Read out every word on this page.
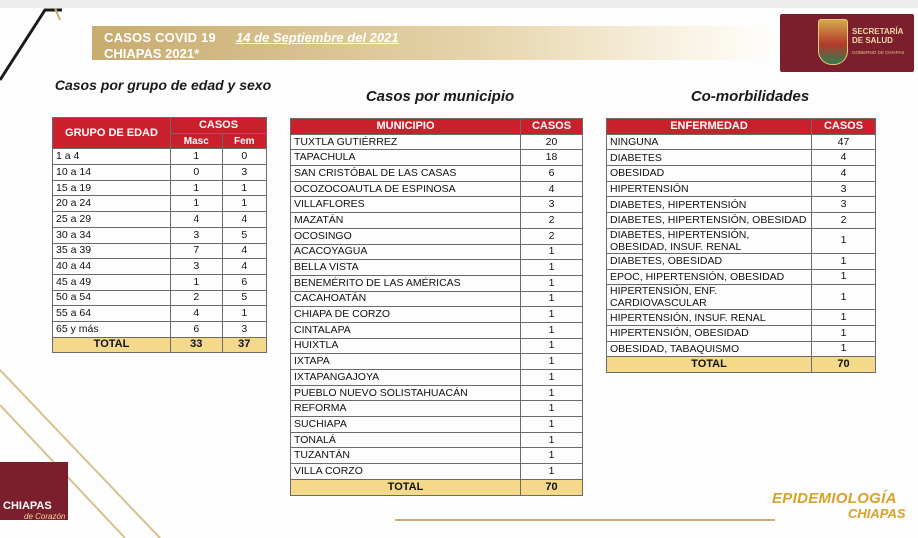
CASOS COVID 19 14 de Septiembre del 2021
CHIAPAS 2021*
SECRETARÍA
DE SALUD
GOBIERNO DE CHIAPAS
Casos por grupo de edad y sexo
Casos por municipio	Co-morbilidades
GRUPO DE EDAD	CASOS	
	Masc	Fem
1 a 4	1	0
10 a 14	0	3
15 a 19	1	1
20 a 24	1	1
25 a 29	4	4
30 a 34	3	5
35 a 39	7	4
40 a 44	3	4
45 a 49	1	6
50 a 54	2	5
55 a 64	4	1
65 y más	6	3
TOTAL	33	37
MUNICIPIO	CASOS
TUXTLA GUTIÉRREZ	20
TAPACHULA	18
SAN CRISTÓBAL DE LAS CASAS	6
OCOZOCOAUTLA DE ESPINOSA	4
VILLAFLORES	3
MAZATÁN	2
OCOSINGO	2
ACACOYAGUA	1
BELLA VISTA	1
BENEMÉRITO DE LAS AMÉRICAS	1
CACAHOATÁN	1
CHIAPA DE CORZO	1
CINTALAPA	1
HUIXTLA	1
IXTAPA	1
IXTAPANGAJOYA	1
PUEBLO NUEVO SOLISTAHUACÁN	1
REFORMA	1
SUCHIAPA	1
TONALÁ	1
TUZANTÁN	1
VILLA CORZO	1
TOTAL	70
ENFERMEDAD	CASOS
NINGUNA	47
DIABETES	4
OBESIDAD	4
HIPERTENSIÓN	3
DIABETES, HIPERTENSIÓN	3
DIABETES, HIPERTENSIÓN, OBESIDAD	2
DIABETES, HIPERTENSIÓN, OBESIDAD, INSUF. RENAL	1
DIABETES, OBESIDAD	1
EPOC, HIPERTENSIÓN, OBESIDAD	1
HIPERTENSIÓN, ENF. CARDIOVASCULAR	1
HIPERTENSIÓN, INSUF. RENAL	1
HIPERTENSIÓN, OBESIDAD	1
OBESIDAD, TABAQUISMO	1
TOTAL	70
CHIAPAS
de Corazón
EPIDEMIOLOGÍA
CHIAPAS
